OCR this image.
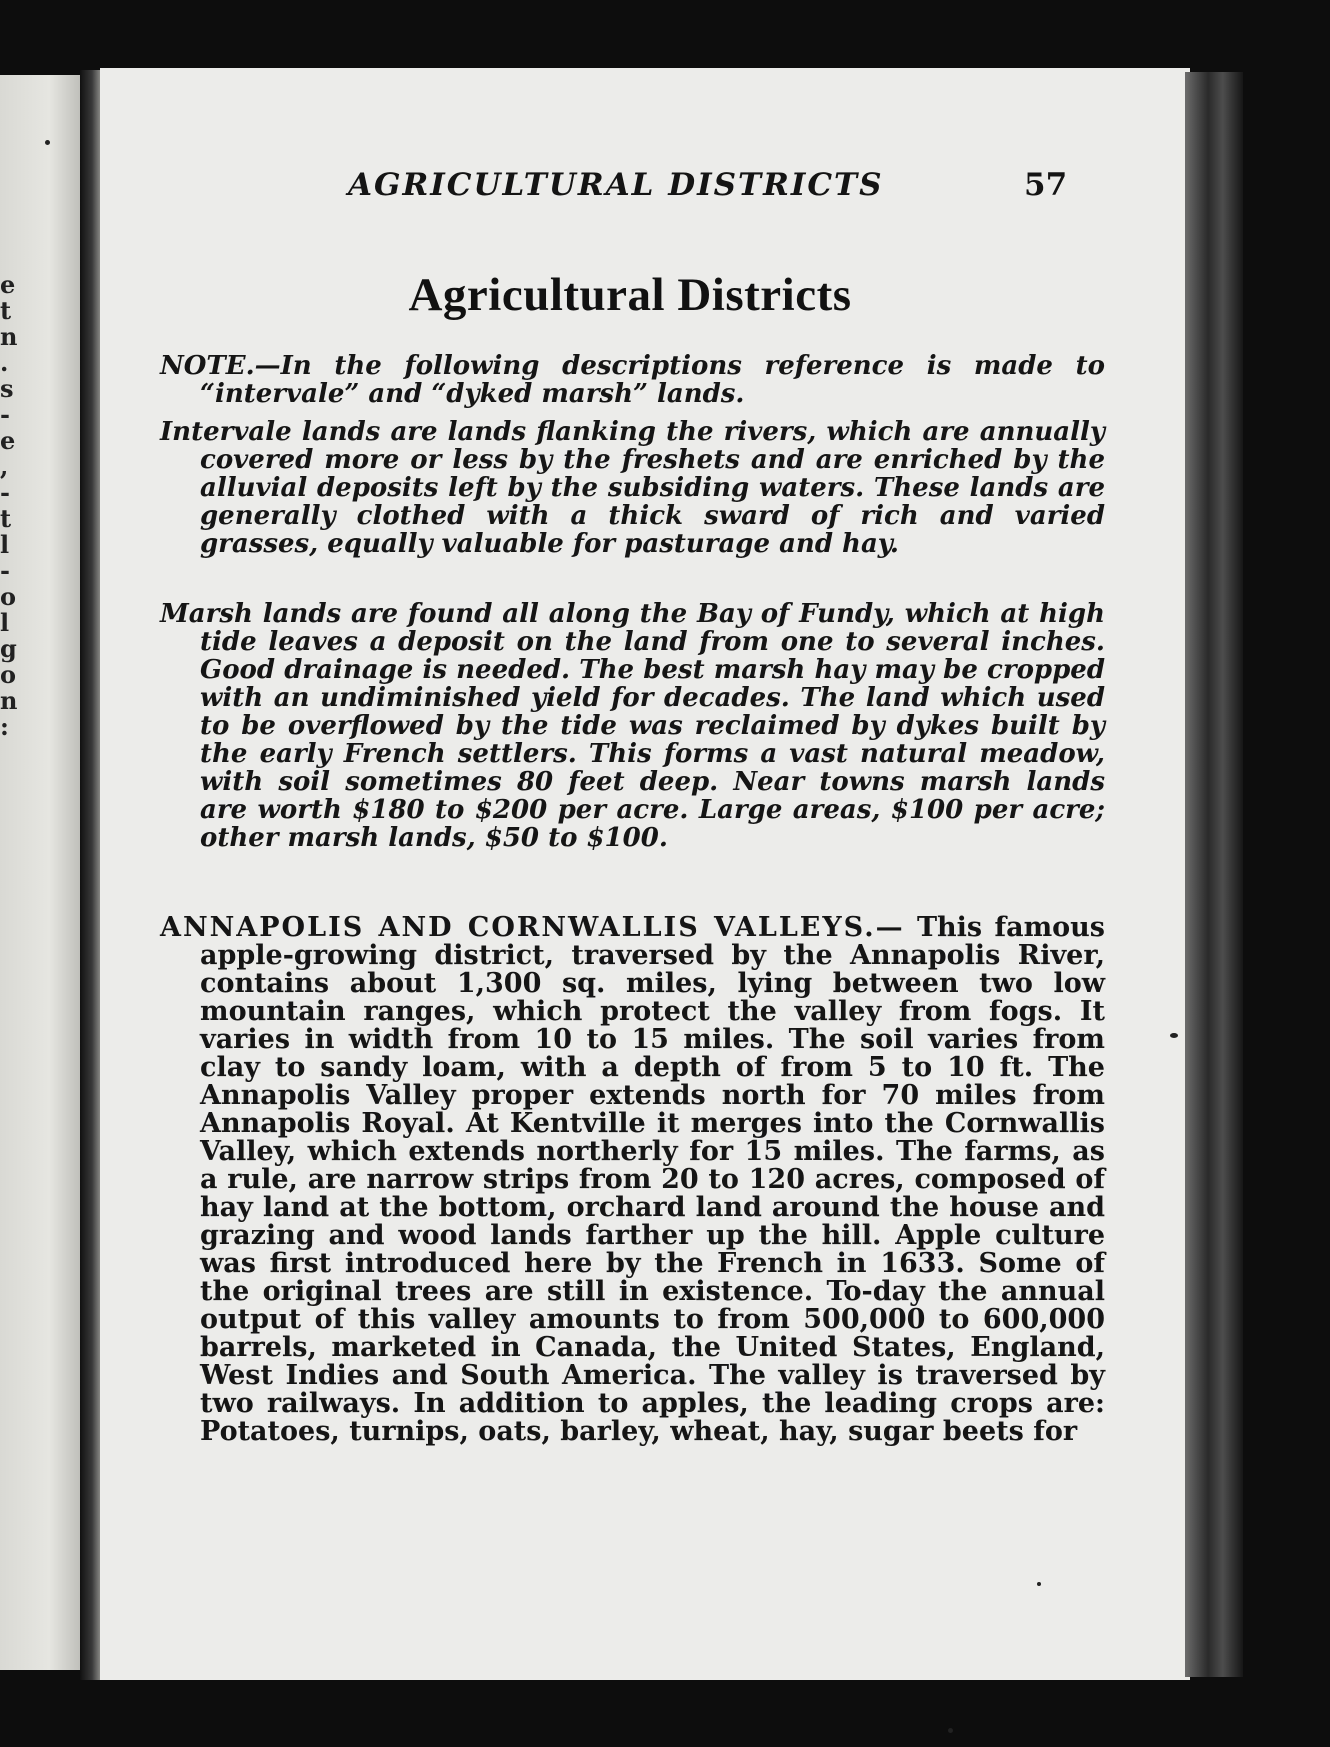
e
t
n
.
s
-
e
,
-
t
l
-
o
l
g
o
n
:
AGRICULTURAL DISTRICTS	57
Agricultural Districts
NOTE.—In the following descriptions reference is made to “intervale” and “dyked marsh” lands.
Intervale lands are lands flanking the rivers, which are annually covered more or less by the freshets and are enriched by the alluvial deposits left by the subsiding waters. These lands are generally clothed with a thick sward of rich and varied grasses, equally valuable for pasturage and hay.
Marsh lands are found all along the Bay of Fundy, which at high tide leaves a deposit on the land from one to several inches. Good drainage is needed. The best marsh hay may be cropped with an undiminished yield for decades. The land which used to be overflowed by the tide was reclaimed by dykes built by the early French settlers. This forms a vast natural meadow, with soil sometimes 80 feet deep. Near towns marsh lands are worth $180 to $200 per acre. Large areas, $100 per acre; other marsh lands, $50 to $100.
ANNAPOLIS AND CORNWALLIS VALLEYS.— This famous apple-growing district, traversed by the Annapolis River, contains about 1,300 sq. miles, lying between two low mountain ranges, which protect the valley from fogs. It varies in width from 10 to 15 miles. The soil varies from clay to sandy loam, with a depth of from 5 to 10 ft. The Annapolis Valley proper extends north for 70 miles from Annapolis Royal. At Kentville it merges into the Cornwallis Valley, which extends northerly for 15 miles. The farms, as a rule, are narrow strips from 20 to 120 acres, composed of hay land at the bottom, orchard land around the house and grazing and wood lands farther up the hill. Apple culture was first introduced here by the French in 1633. Some of the original trees are still in existence. To-day the annual output of this valley amounts to from 500,000 to 600,000 barrels, marketed in Canada, the United States, England, West Indies and South America. The valley is traversed by two railways. In addition to apples, the leading crops are: Potatoes, turnips, oats, barley, wheat, hay, sugar beets for
